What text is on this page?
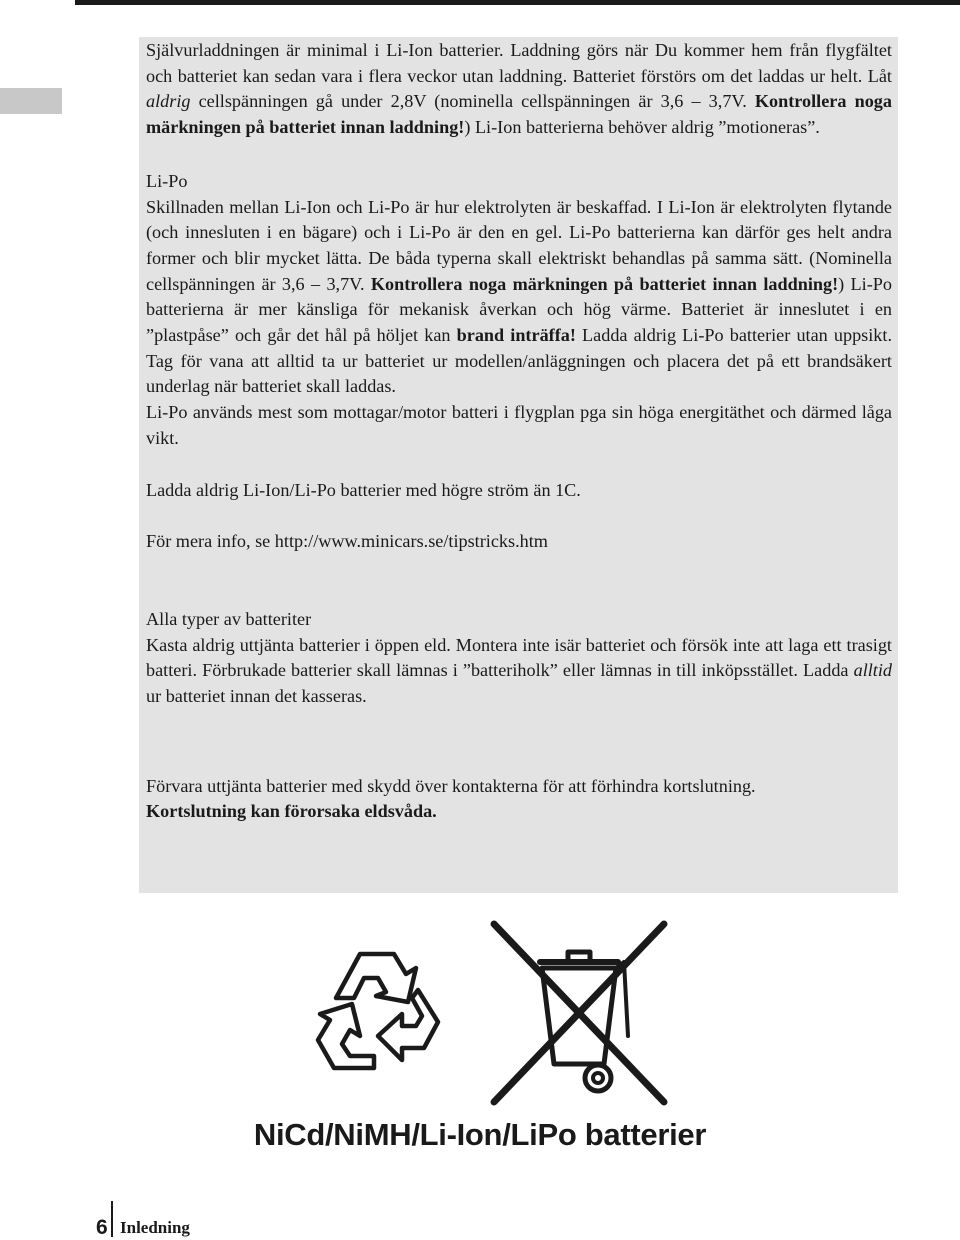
Självurladdningen är minimal i Li-Ion batterier. Laddning görs när Du kommer hem från flygfältet och batteriet kan sedan vara i flera veckor utan laddning. Batteriet förstörs om det laddas ur helt. Låt aldrig cellspänningen gå under 2,8V (nominella cellspänningen är 3,6 – 3,7V. Kontrollera noga märkningen på batteriet innan laddning!) Li-Ion batterierna behöver aldrig ”motioneras”.

Li-Po

Skillnaden mellan Li-Ion och Li-Po är hur elektrolyten är beskaffad. I Li-Ion är elektrolyten flytande (och innesluten i en bägare) och i Li-Po är den en gel. Li-Po batterierna kan därför ges helt andra former och blir mycket lätta. De båda typerna skall elektriskt behandlas på samma sätt. (Nominella cellspänningen är 3,6 – 3,7V. Kontrollera noga märkningen på batteriet innan laddning!) Li-Po batterierna är mer känsliga för mekanisk åverkan och hög värme. Batteriet är inneslutet i en ”plastpåse” och går det hål på höljet kan brand inträffa! Ladda aldrig Li-Po batterier utan uppsikt. Tag för vana att alltid ta ur batteriet ur modellen/anläggningen och placera det på ett brandsäkert underlag när batteriet skall laddas.

Li-Po används mest som mottagar/motor batteri i flygplan pga sin höga energitäthet och därmed låga vikt.

Ladda aldrig Li-Ion/Li-Po batterier med högre ström än 1C.

För mera info, se http://www.minicars.se/tipstricks.htm

Alla typer av batteriter

Kasta aldrig uttjänta batterier i öppen eld. Montera inte isär batteriet och försök inte att laga ett trasigt batteri. Förbrukade batterier skall lämnas i ”batteriholk” eller lämnas in till inköpsstället. Ladda alltid ur batteriet innan det kasseras.

Förvara uttjänta batterier med skydd över kontakterna för att förhindra kortslutning.

Kortslutning kan förorsaka eldsvåda.

NiCd/NiMH/Li-Ion/LiPo batterier
6 Inledning
